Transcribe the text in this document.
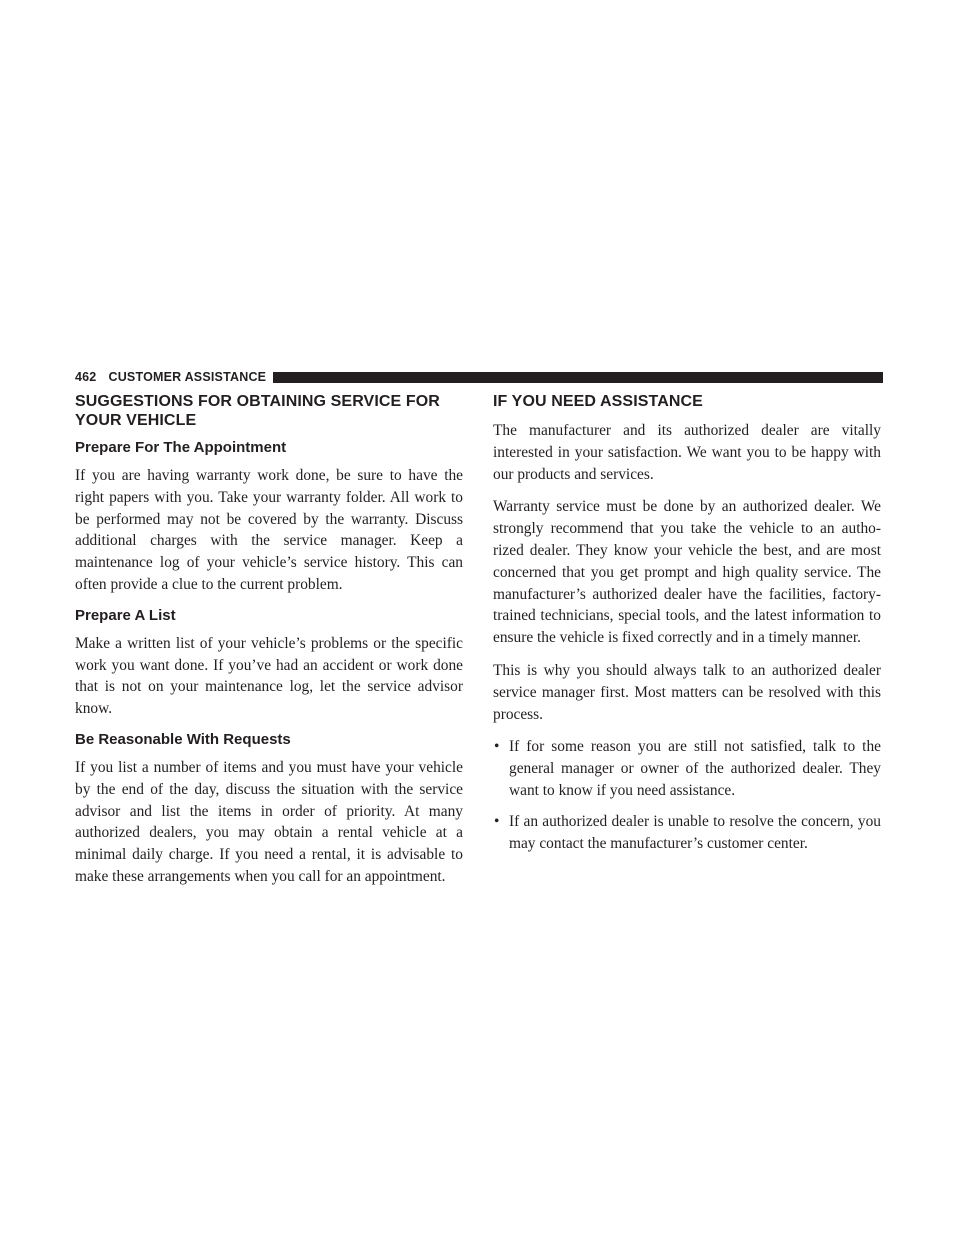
462 CUSTOMER ASSISTANCE
SUGGESTIONS FOR OBTAINING SERVICE FOR YOUR VEHICLE
Prepare For The Appointment

If you are having warranty work done, be sure to have the right papers with you. Take your warranty folder. All work to be performed may not be covered by the warranty. Discuss additional charges with the service manager. Keep a maintenance log of your vehicle’s service history. This can often provide a clue to the current problem.

Prepare A List

Make a written list of your vehicle’s problems or the specific work you want done. If you’ve had an accident or work done that is not on your maintenance log, let the service advisor know.

Be Reasonable With Requests

If you list a number of items and you must have your vehicle by the end of the day, discuss the situation with the service advisor and list the items in order of priority. At many authorized dealers, you may obtain a rental vehicle at a minimal daily charge. If you need a rental, it is advisable to make these arrangements when you call for an appointment.

IF YOU NEED ASSISTANCE

The manufacturer and its authorized dealer are vitally interested in your satisfaction. We want you to be happy with our products and services.

Warranty service must be done by an authorized dealer. We strongly recommend that you take the vehicle to an autho-rized dealer. They know your vehicle the best, and are most concerned that you get prompt and high quality service. The manufacturer’s authorized dealer have the facilities, factory-trained technicians, special tools, and the latest information to ensure the vehicle is fixed correctly and in a timely manner.

This is why you should always talk to an authorized dealer service manager first. Most matters can be resolved with this process.

• If for some reason you are still not satisfied, talk to the general manager or owner of the authorized dealer. They want to know if you need assistance.
• If an authorized dealer is unable to resolve the concern, you may contact the manufacturer’s customer center.
